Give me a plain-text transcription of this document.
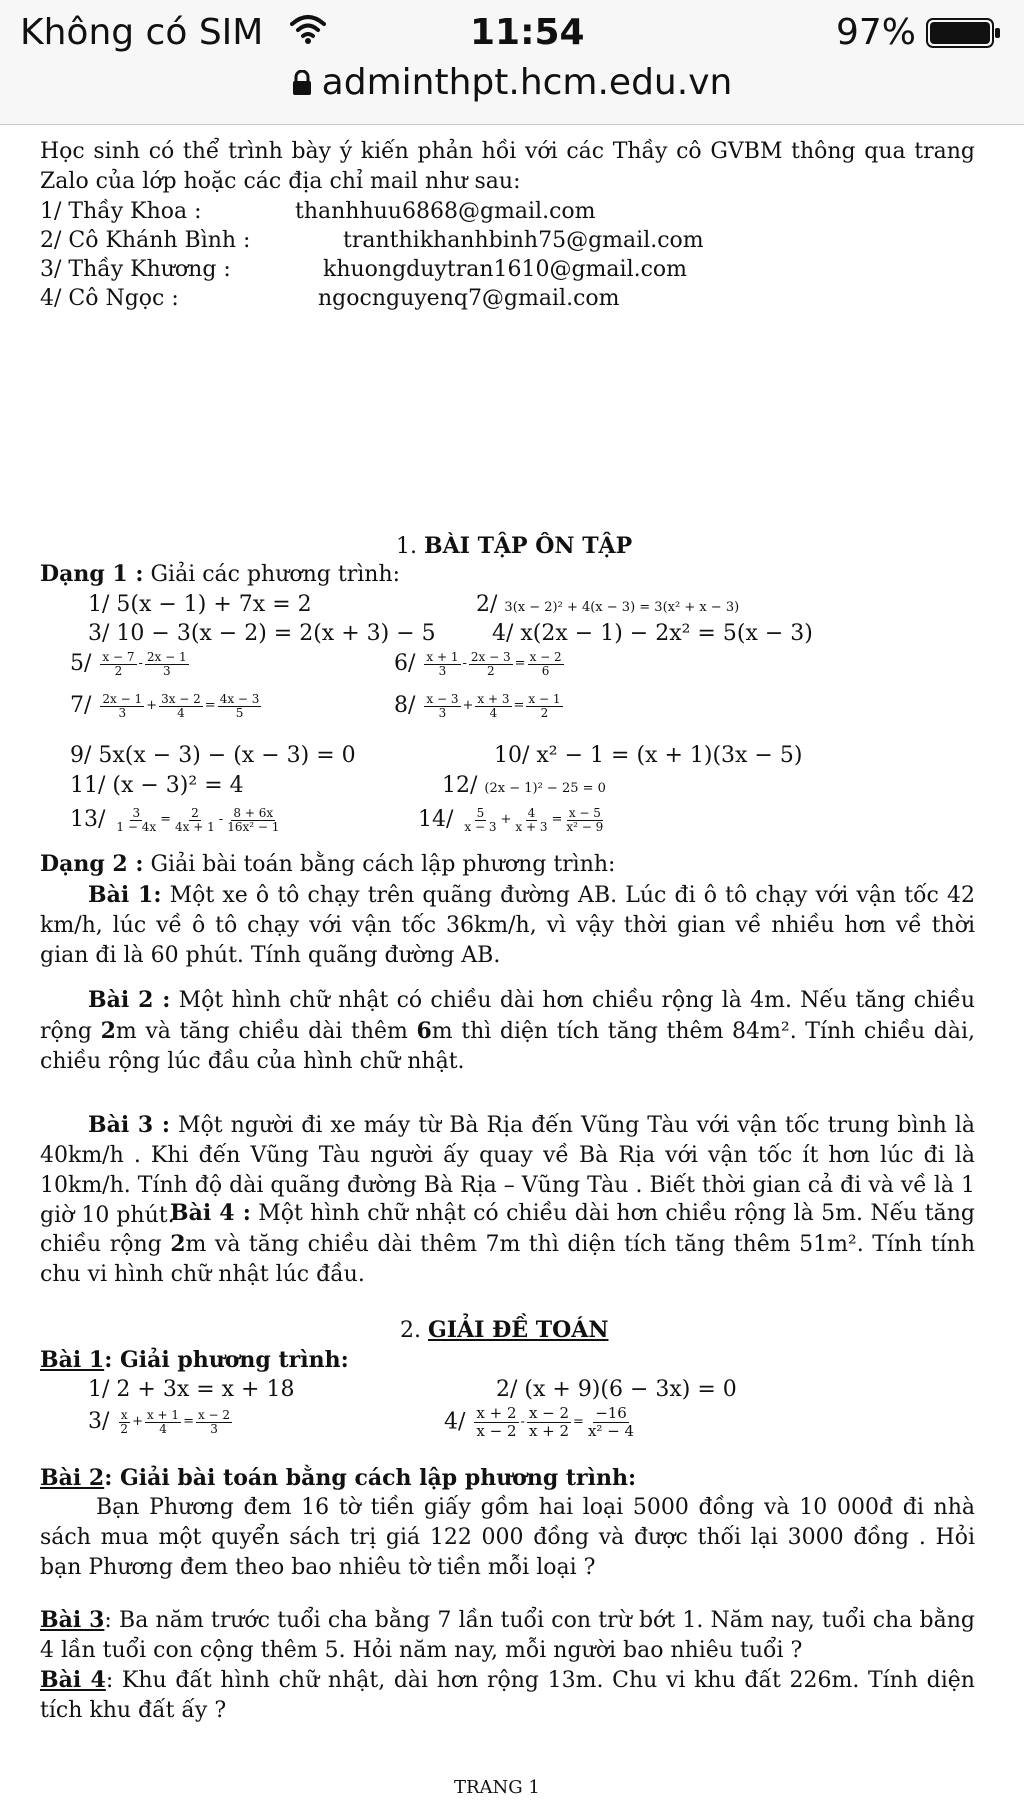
Không có SIM	11:54	97%
adminthpt.hcm.edu.vn
Học sinh có thể trình bày ý kiến phản hồi với các Thầy cô GVBM thông qua trang Zalo của lớp hoặc các địa chỉ mail như sau:
1/ Thầy Khoa :	thanhhuu6868@gmail.com
2/ Cô Khánh Bình :	tranthikhanhbinh75@gmail.com
3/ Thầy Khương :	khuongduytran1610@gmail.com
4/ Cô Ngọc :	ngocnguyenq7@gmail.com
1. BÀI TẬP ÔN TẬP
Dạng 1 : Giải các phương trình:
1/ 5(x − 1) + 7x = 2	2/ 3(x − 2)² + 4(x − 3) = 3(x² + x − 3)
3/ 10 − 3(x − 2) = 2(x + 3) − 5	4/ x(2x − 1) − 2x² = 5(x − 3)
$5/ \frac{x - 7}{2} - \frac{2x - 1}{3}$	$6/ \frac{x + 1}{3} - \frac{2x - 3}{2} = \frac{x - 2}{6}$
$7/ \frac{2x - 1}{3} + \frac{3x - 2}{4} = \frac{4x - 3}{5}$	$8/ \frac{x - 3}{3} + \frac{x + 3}{4} = \frac{x - 1}{2}$
9/ 5x(x − 3) − (x − 3) = 0	10/ x² − 1 = (x + 1)(3x − 5)
11/ (x − 3)² = 4	12/ (2x − 1)² − 25 = 0
$13/ \frac{3}{1 - 4x} = \frac{2}{4x + 1} - \frac{8 + 6x}{\text{16x² − 1}}$	$14/ \frac{5}{x - 3} + \frac{4}{x + 3} = \frac{x - 5}{\text{x² − 9}}$
Dạng 2 : Giải bài toán bằng cách lập phương trình:
Bài 1: Một xe ô tô chạy trên quãng đường AB. Lúc đi ô tô chạy với vận tốc 42 km/h, lúc về ô tô chạy với vận tốc 36km/h, vì vậy thời gian về nhiều hơn về thời gian đi là 60 phút. Tính quãng đường AB.
Bài 2 : Một hình chữ nhật có chiều dài hơn chiều rộng là 4m. Nếu tăng chiều rộng 2m và tăng chiều dài thêm 6m thì diện tích tăng thêm 84m². Tính chiều dài, chiều rộng lúc đầu của hình chữ nhật.
Bài 3 : Một người đi xe máy từ Bà Rịa đến Vũng Tàu với vận tốc trung bình là 40km/h . Khi đến Vũng Tàu người ấy quay về Bà Rịa với vận tốc ít hơn lúc đi là 10km/h. Tính độ dài quãng đường Bà Rịa – Vũng Tàu . Biết thời gian cả đi và về là 1 giờ 10 phút.
Bài 4 : Một hình chữ nhật có chiều dài hơn chiều rộng là 5m. Nếu tăng chiều rộng 2m và tăng chiều dài thêm 7m thì diện tích tăng thêm 51m². Tính tính chu vi hình chữ nhật lúc đầu.
2. GIẢI ĐỀ TOÁN
Bài 1: Giải phương trình:
1/ 2 + 3x = x + 18	2/ (x + 9)(6 − 3x) = 0
$3/ \frac{x}{2} + \frac{x + 1}{4} = \frac{x - 2}{3}$	$4/ \frac{x + 2}{x - 2} - \frac{x - 2}{x + 2} = \frac{-16}{\text{x² − 4}}$
Bài 2: Giải bài toán bằng cách lập phương trình:
Bạn Phương đem 16 tờ tiền giấy gồm hai loại 5000 đồng và 10 000đ đi nhà sách mua một quyển sách trị giá 122 000 đồng và được thối lại 3000 đồng . Hỏi bạn Phương đem theo bao nhiêu tờ tiền mỗi loại ?
Bài 3: Ba năm trước tuổi cha bằng 7 lần tuổi con trừ bớt 1. Năm nay, tuổi cha bằng 4 lần tuổi con cộng thêm 5. Hỏi năm nay, mỗi người bao nhiêu tuổi ?
Bài 4: Khu đất hình chữ nhật, dài hơn rộng 13m. Chu vi khu đất 226m. Tính diện tích khu đất ấy ?
TRANG 1
